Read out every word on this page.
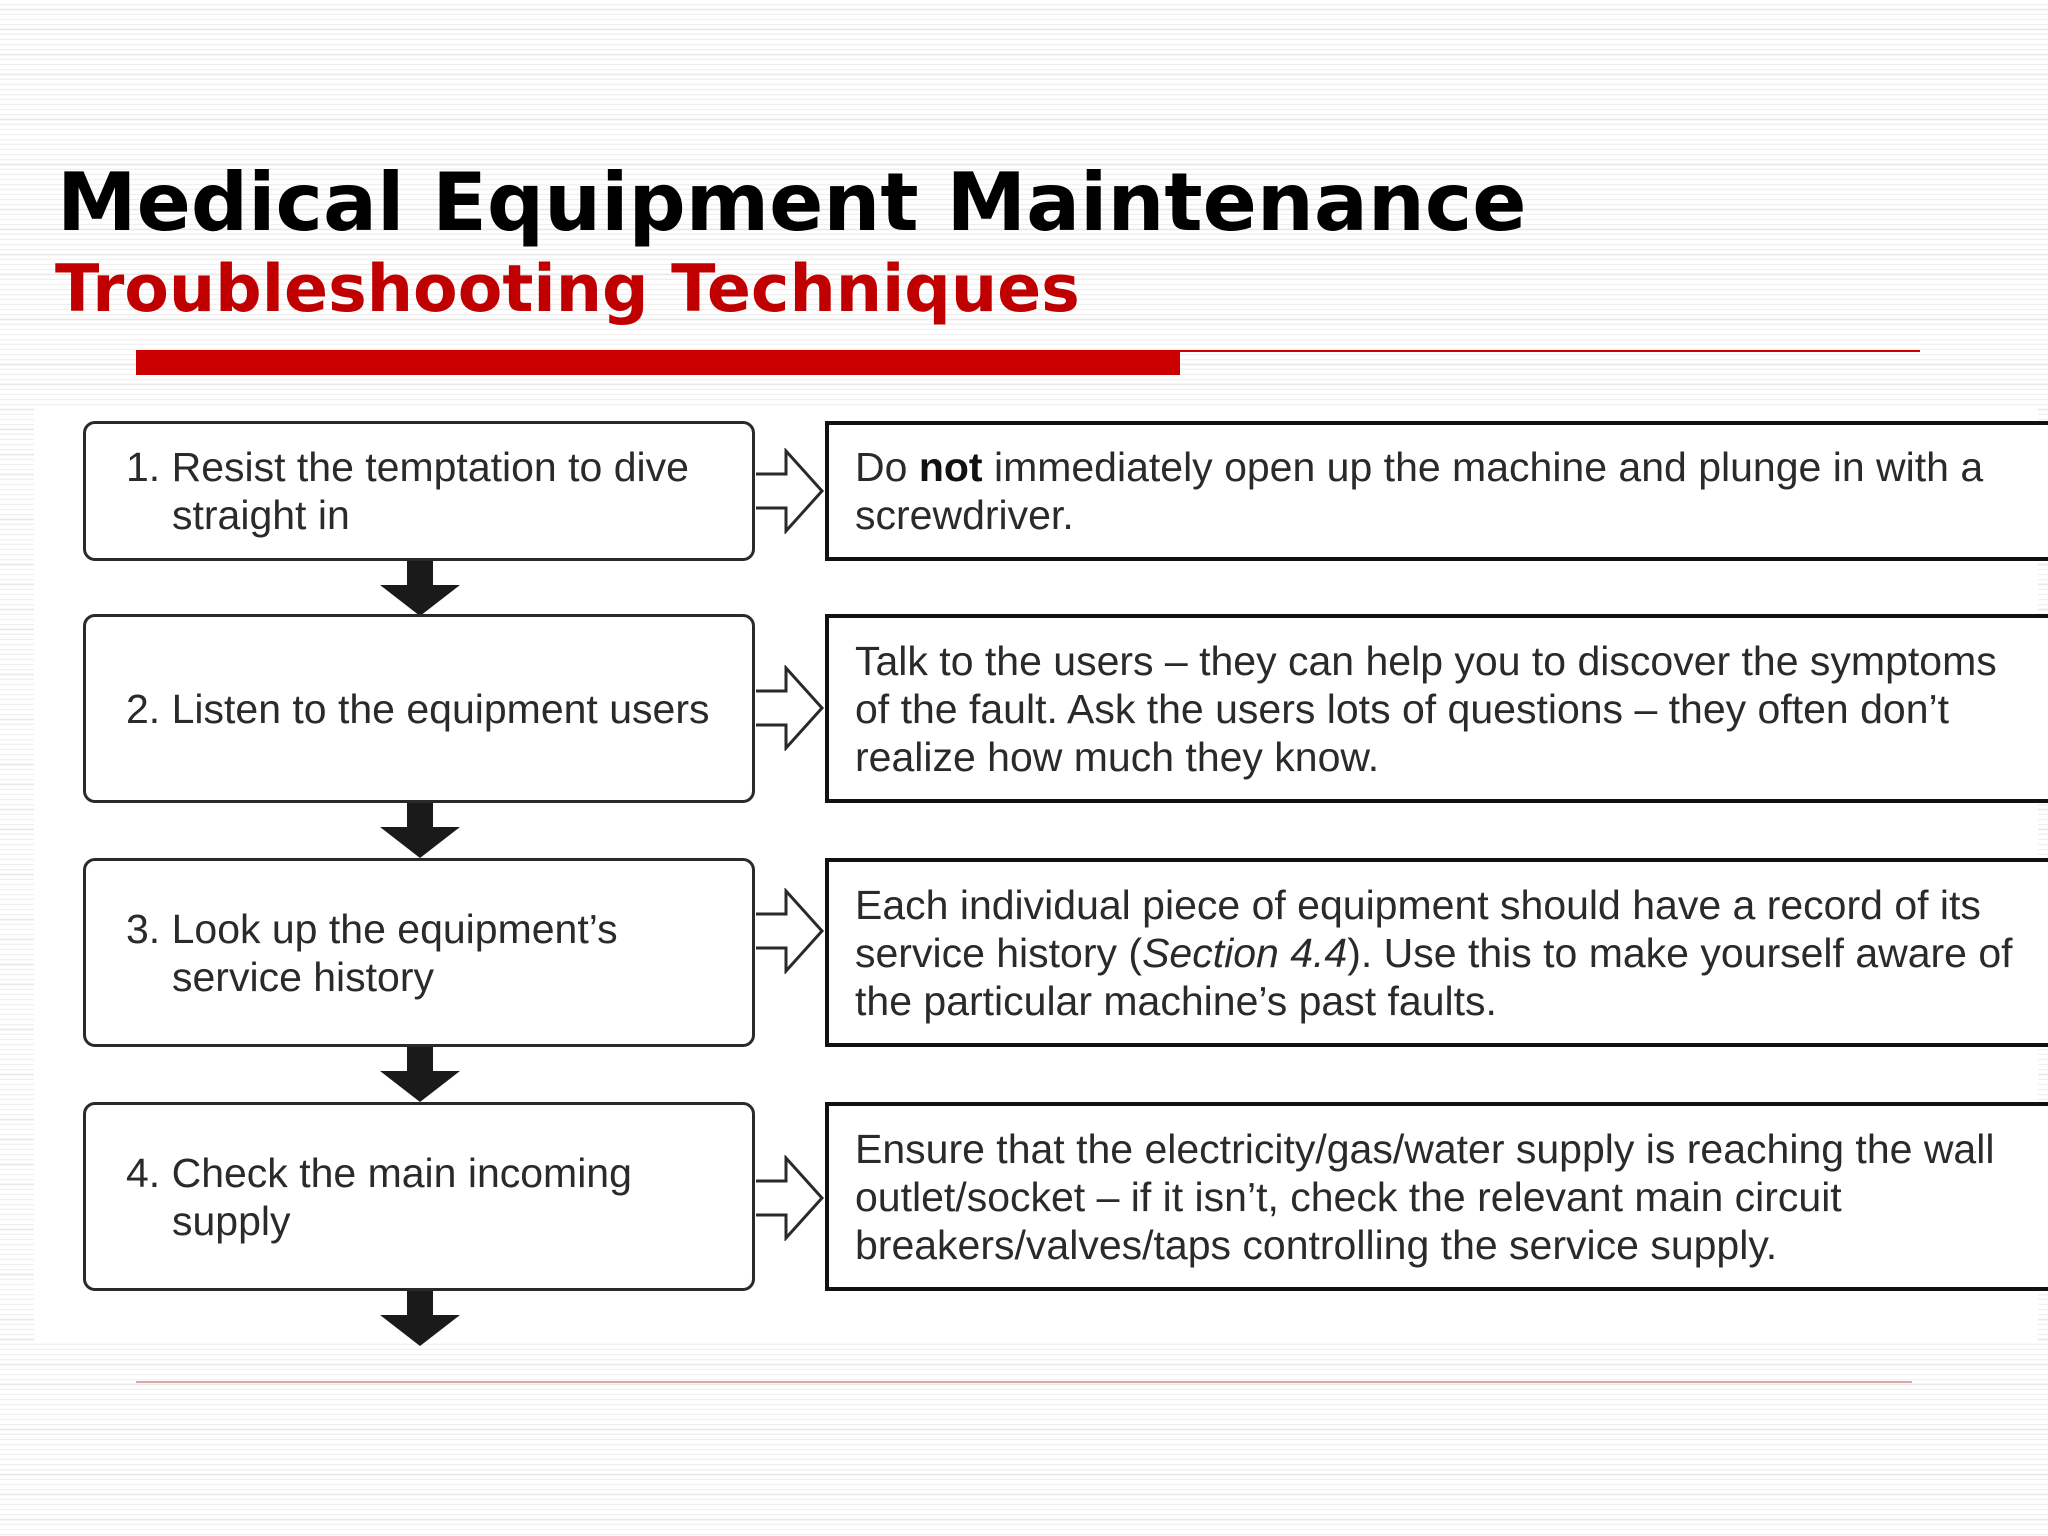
Medical Equipment Maintenance
Troubleshooting Techniques
1. Resist the temptation to dive straight in
Do not immediately open up the machine and plunge in with a screwdriver.
2. Listen to the equipment users
Talk to the users – they can help you to discover the symptoms of the fault. Ask the users lots of questions – they often don’t realize how much they know.
3. Look up the equipment’s service history
Each individual piece of equipment should have a record of its service history (Section 4.4). Use this to make yourself aware of the particular machine’s past faults.
4. Check the main incoming supply
Ensure that the electricity/gas/water supply is reaching the wall outlet/socket – if it isn’t, check the relevant main circuit breakers/valves/taps controlling the service supply.
